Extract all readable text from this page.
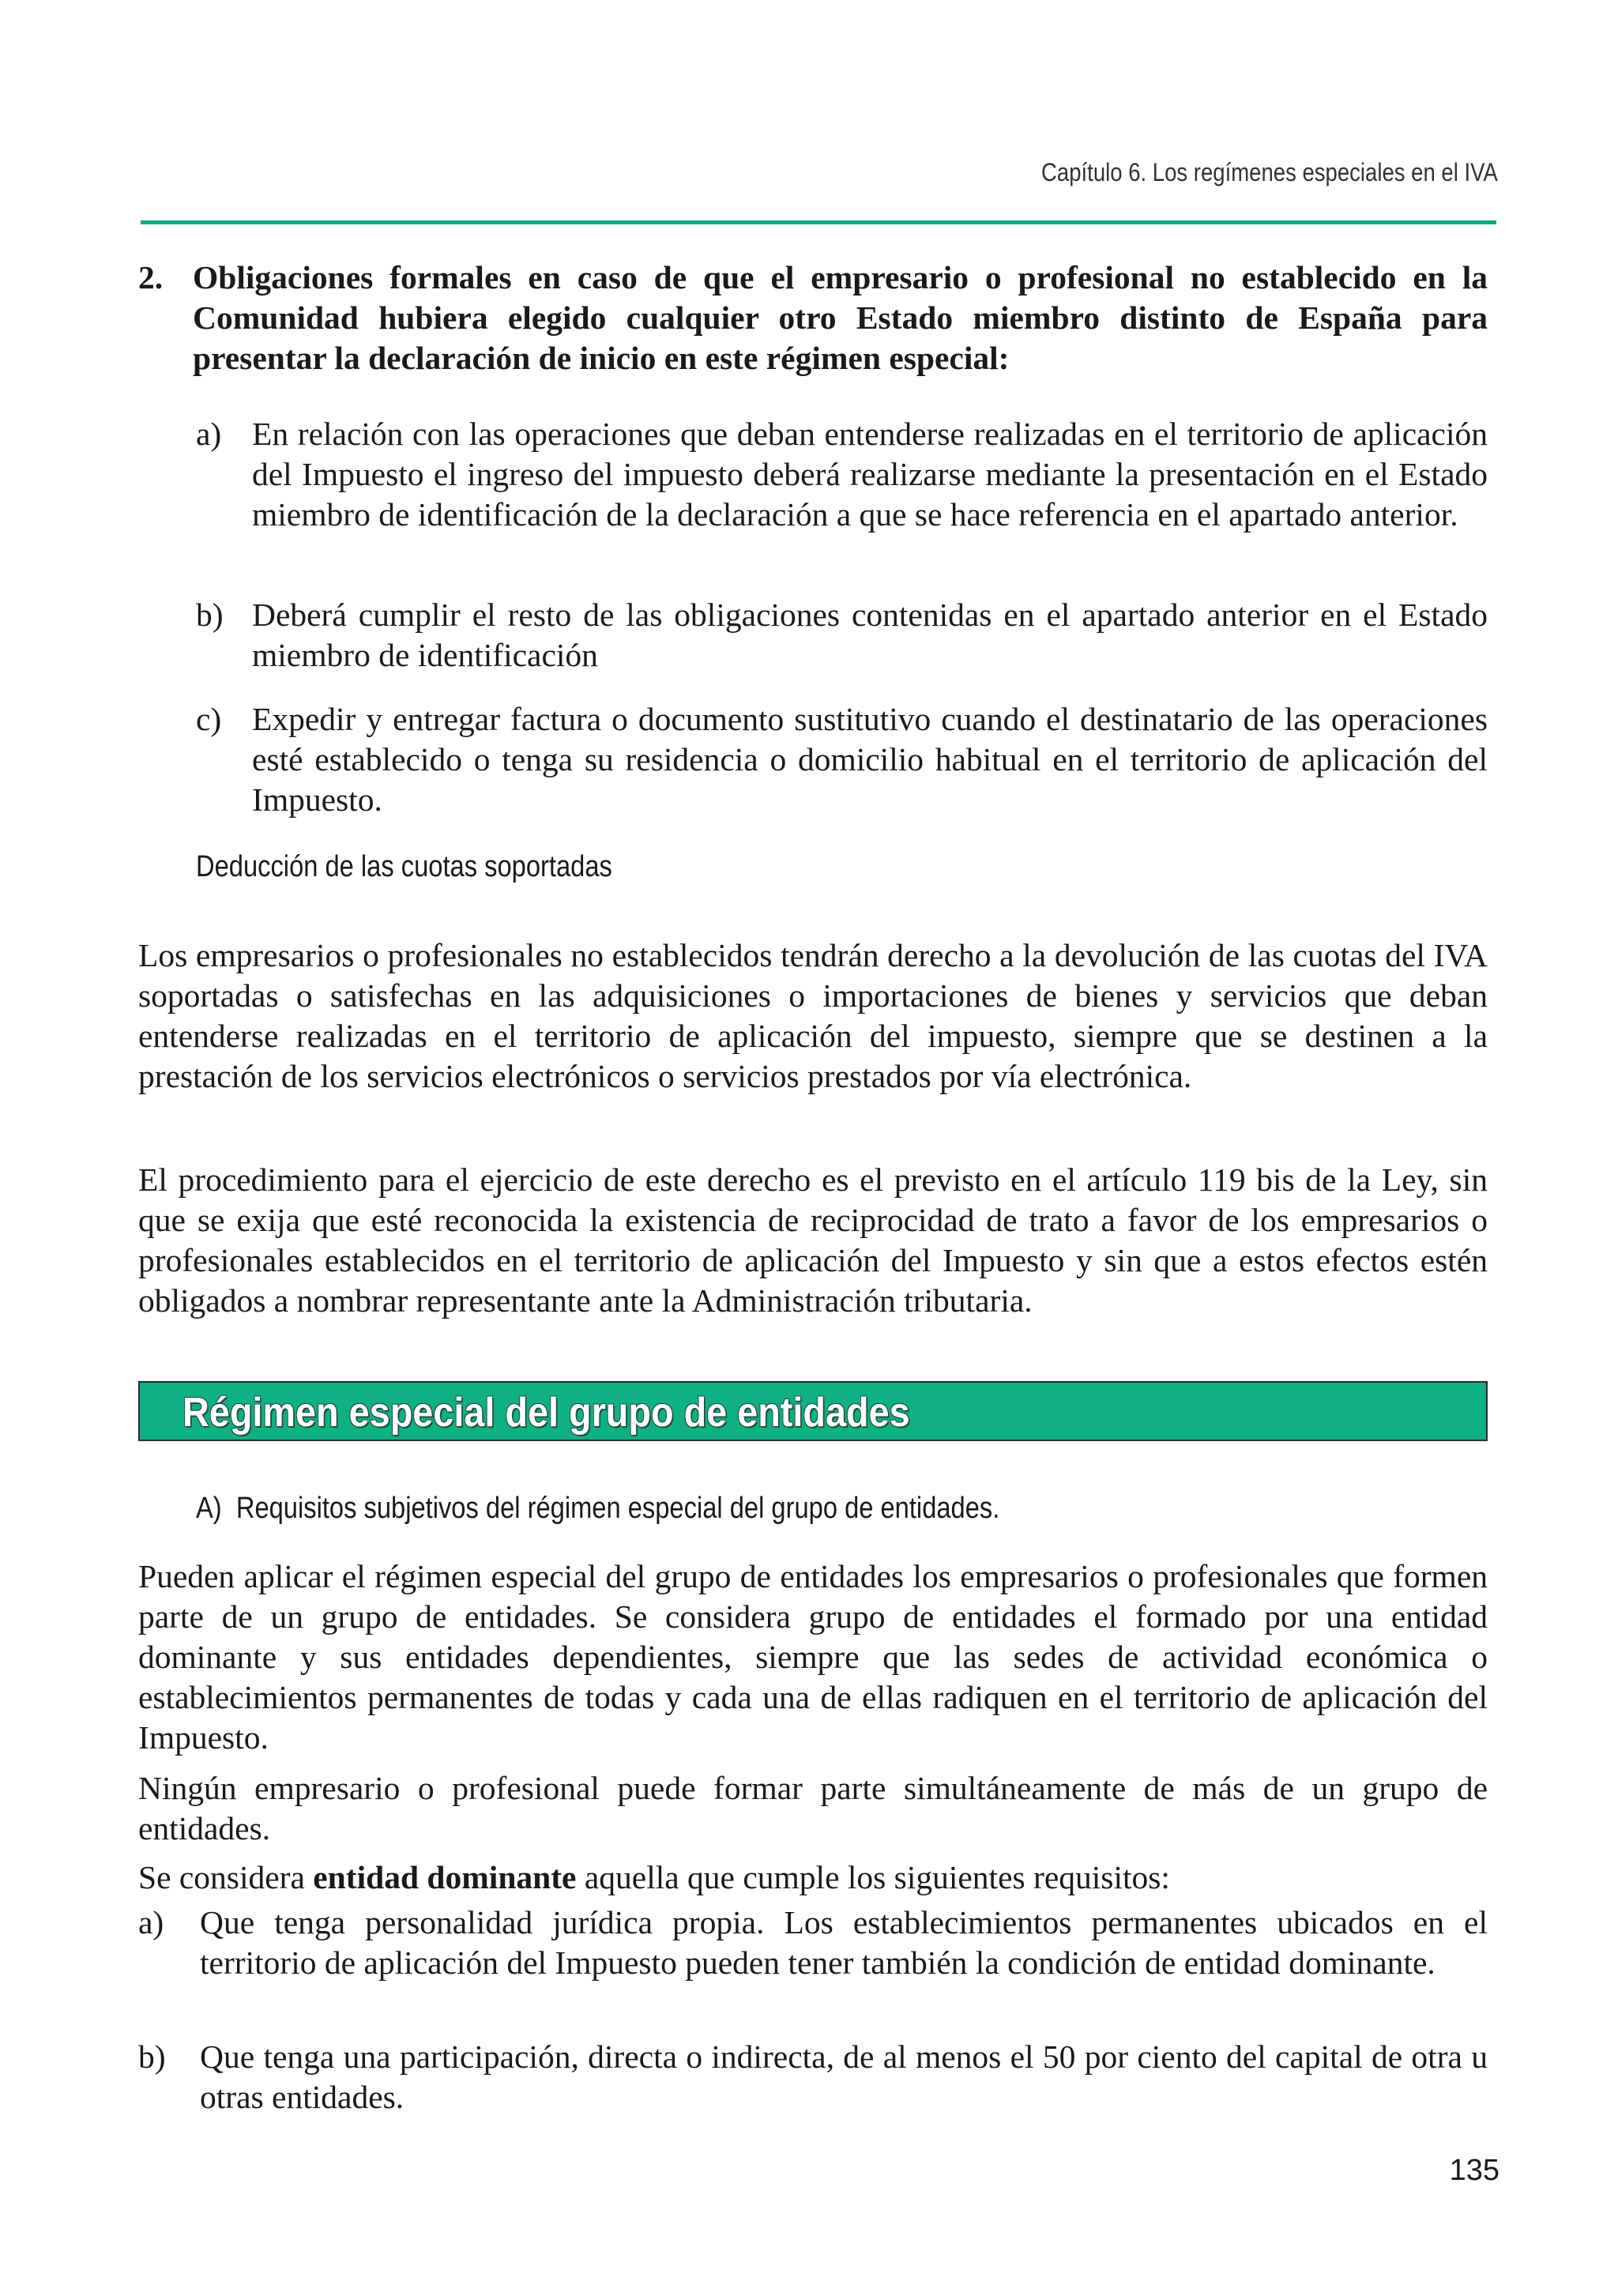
Capítulo 6. Los regímenes especiales en el IVA
2. Obligaciones formales en caso de que el empresario o profesional no establecido en la Comunidad hubiera elegido cualquier otro Estado miembro distinto de España para presentar la declaración de inicio en este régimen especial:
a) En relación con las operaciones que deban entenderse realizadas en el territorio de aplicación del Impuesto el ingreso del impuesto deberá realizarse mediante la presentación en el Estado miembro de identificación de la declaración a que se hace referencia en el apartado anterior.
b) Deberá cumplir el resto de las obligaciones contenidas en el apartado anterior en el Estado miembro de identificación
c) Expedir y entregar factura o documento sustitutivo cuando el destinatario de las operaciones esté establecido o tenga su residencia o domicilio habitual en el territorio de aplicación del Impuesto.
Deducción de las cuotas soportadas

Los empresarios o profesionales no establecidos tendrán derecho a la devolución de las cuotas del IVA soportadas o satisfechas en las adquisiciones o importaciones de bienes y servicios que deban entenderse realizadas en el territorio de aplicación del impuesto, siempre que se destinen a la prestación de los servicios electrónicos o servicios prestados por vía electrónica.

El procedimiento para el ejercicio de este derecho es el previsto en el artículo 119 bis de la Ley, sin que se exija que esté reconocida la existencia de reciprocidad de trato a favor de los empresarios o profesionales establecidos en el territorio de aplicación del Impuesto y sin que a estos efectos estén obligados a nombrar representante ante la Administración tributaria.

Régimen especial del grupo de entidades
A)  Requisitos subjetivos del régimen especial del grupo de entidades.

Pueden aplicar el régimen especial del grupo de entidades los empresarios o profesionales que formen parte de un grupo de entidades. Se considera grupo de entidades el formado por una entidad dominante y sus entidades dependientes, siempre que las sedes de actividad económica o establecimientos permanentes de todas y cada una de ellas radiquen en el territorio de aplicación del Impuesto.

Ningún empresario o profesional puede formar parte simultáneamente de más de un grupo de entidades.

Se considera entidad dominante aquella que cumple los siguientes requisitos:

a) Que tenga personalidad jurídica propia. Los establecimientos permanentes ubicados en el territorio de aplicación del Impuesto pueden tener también la condición de entidad dominante.
b) Que tenga una participación, directa o indirecta, de al menos el 50 por ciento del capital de otra u otras entidades.
135
